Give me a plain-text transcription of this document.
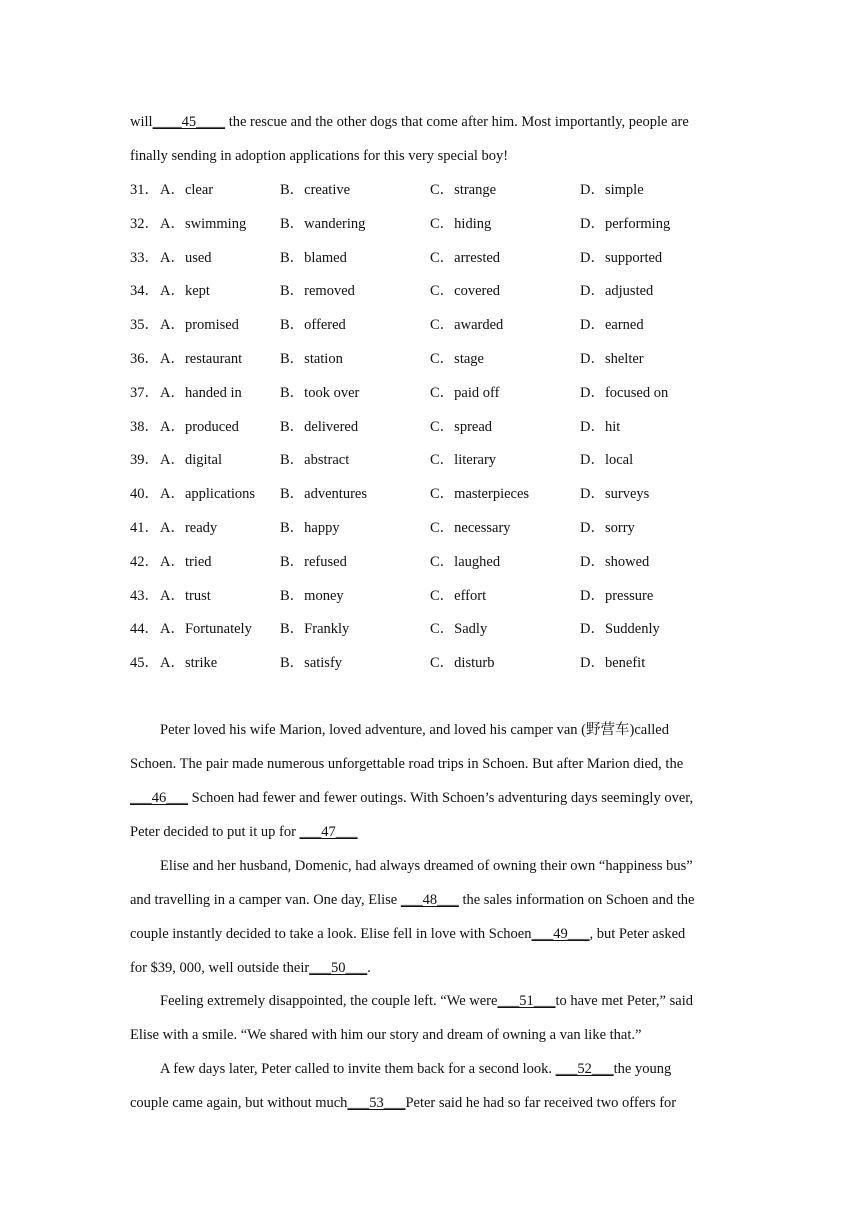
will____45____ the rescue and the other dogs that come after him. Most importantly, people are
finally sending in adoption applications for this very special boy!
31． A．clear	B．creative	C．strange	D．simple
32． A．swimming B．wandering	C．hiding	D．performing
33． A．used	B．blamed	C．arrested	D．supported
34． A．kept	B．removed	C．covered	D．adjusted
35． A．promised	B．offered	C．awarded	D．earned
36． A．restaurant	B．station	C．stage	D．shelter
37． A．handed in	B．took over	C．paid off	D．focused on
38． A．produced	B．delivered	C．spread	D．hit
39． A．digital	B．abstract	C．literary	D．local
40． A．applications B．adventures	C．masterpieces	D．surveys
41． A．ready	B．happy	C．necessary	D．sorry
42． A．tried	B．refused	C．laughed	D．showed
43． A．trust	B．money	C．effort	D．pressure
44． A．Fortunately B．Frankly	C．Sadly	D．Suddenly
45． A．strike	B．satisfy	C．disturb	D．benefit
Peter loved his wife Marion, loved adventure, and loved his camper van (野营车)called
Schoen. The pair made numerous unforgettable road trips in Schoen. But after Marion died, the
___46___ Schoen had fewer and fewer outings. With Schoen’s adventuring days seemingly over,
Peter decided to put it up for ___47___
Elise and her husband, Domenic, had always dreamed of owning their own “happiness bus”
and travelling in a camper van. One day, Elise ___48___ the sales information on Schoen and the
couple instantly decided to take a look. Elise fell in love with Schoen___49___, but Peter asked
for $39, 000, well outside their___50___.
Feeling extremely disappointed, the couple left. “We were___51___to have met Peter,” said
Elise with a smile. “We shared with him our story and dream of owning a van like that.”
A few days later, Peter called to invite them back for a second look. ___52___the young
couple came again, but without much___53___Peter said he had so far received two offers for
